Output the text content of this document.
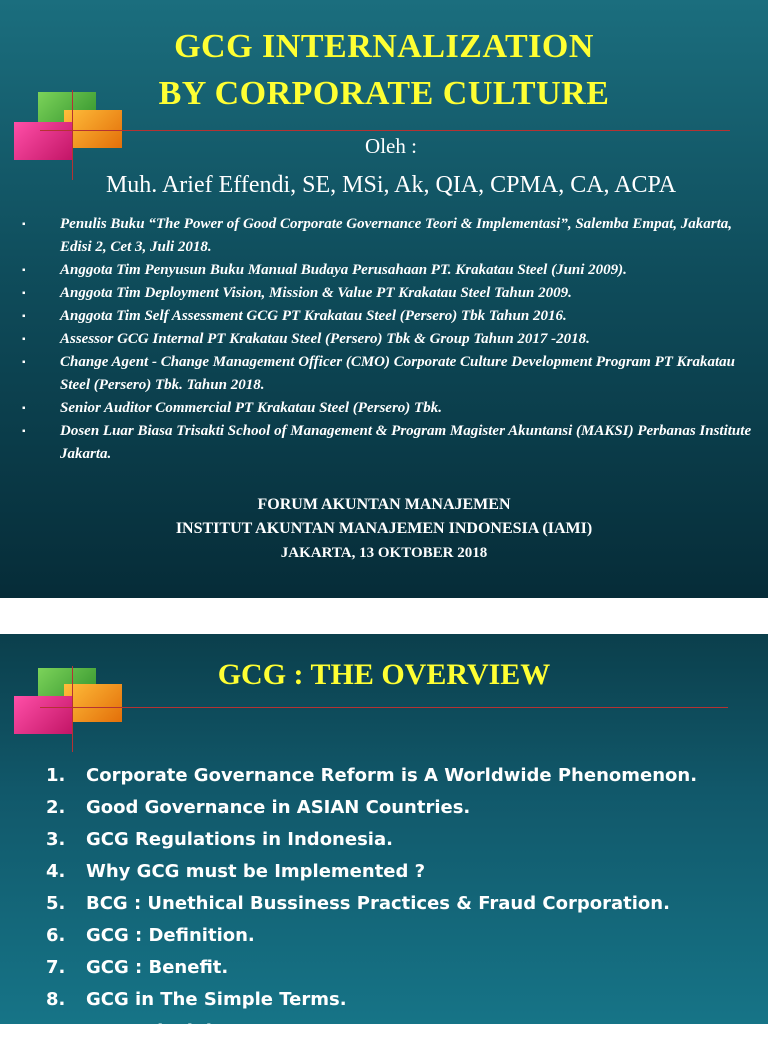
GCG INTERNALIZATION
BY CORPORATE CULTURE
Oleh :
Muh. Arief Effendi, SE, MSi, Ak, QIA, CPMA, CA, ACPA
▪ Penulis Buku “The Power of Good Corporate Governance Teori & Implementasi”, Salemba Empat, Jakarta, Edisi 2, Cet 3, Juli 2018.
▪ Anggota Tim Penyusun Buku Manual Budaya Perusahaan PT. Krakatau Steel (Juni 2009).
▪ Anggota Tim Deployment Vision, Mission & Value PT Krakatau Steel Tahun 2009.
▪ Anggota Tim Self Assessment GCG PT Krakatau Steel (Persero) Tbk Tahun 2016.
▪ Assessor GCG Internal PT Krakatau Steel (Persero) Tbk & Group Tahun 2017 -2018.
▪ Change Agent - Change Management Officer (CMO) Corporate Culture Development Program PT Krakatau Steel (Persero) Tbk. Tahun 2018.
▪ Senior Auditor Commercial PT Krakatau Steel (Persero) Tbk.
▪ Dosen Luar Biasa Trisakti School of Management & Program Magister Akuntansi (MAKSI) Perbanas Institute Jakarta.
FORUM AKUNTAN MANAJEMEN
INSTITUT AKUNTAN MANAJEMEN INDONESIA (IAMI)
JAKARTA, 13 OKTOBER 2018
GCG : THE OVERVIEW
1. Corporate Governance Reform is A Worldwide Phenomenon.
2. Good Governance in ASIAN Countries.
3. GCG Regulations in Indonesia.
4. Why GCG must be Implemented ?
5. BCG : Unethical Bussiness Practices & Fraud Corporation.
6. GCG : Definition.
7. GCG : Benefit.
8. GCG in The Simple Terms.
9. GCG Principles : TARIF
